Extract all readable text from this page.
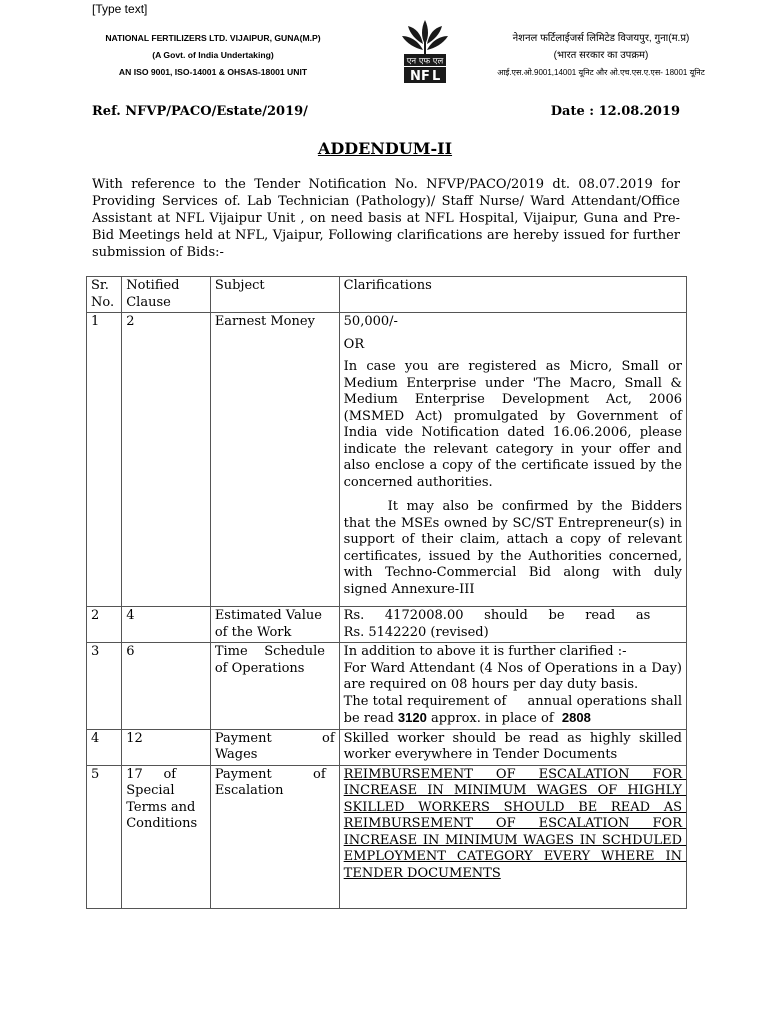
[Type text]
NATIONAL FERTILIZERS LTD. VIJAIPUR, GUNA(M.P)
(A Govt. of India Undertaking)
AN ISO 9001, ISO-14001 & OHSAS-18001 UNIT
एन एफ एल
N F L
नेशनल फर्टिलाईजर्स लिमिटेड विजयपुर, गुना(म.प्र)
(भारत सरकार का उपक्रम)
आई.एस.ओ.9001,14001 यूनिट और ओ.एच.एस.ए.एस- 18001 यूनिट
Ref. NFVP/PACO/Estate/2019/	Date : 12.08.2019
ADDENDUM-II
With reference to the Tender Notification No. NFVP/PACO/2019 dt. 08.07.2019 for Providing Services of. Lab Technician (Pathology)/ Staff Nurse/ Ward Attendant/Office Assistant at NFL Vijaipur Unit , on need basis at NFL Hospital, Vijaipur, Guna and Pre-Bid Meetings held at NFL, Vjaipur, Following clarifications are hereby issued for further submission of Bids:-
Sr. No.	Notified Clause	Subject	Clarifications
1	2	Earnest Money	50,000/-
OR
In case you are registered as Micro, Small or Medium Enterprise under 'The Macro, Small & Medium Enterprise Development Act, 2006 (MSMED Act) promulgated by Government of India vide Notification dated 16.06.2006, please indicate the relevant category in your offer and also enclose a copy of the certificate issued by the concerned authorities.
It may also be confirmed by the Bidders that the MSEs owned by SC/ST Entrepreneur(s) in support of their claim, attach a copy of relevant certificates, issued by the Authorities concerned, with Techno-Commercial Bid along with duly signed Annexure-III

2	4	Estimated Value of the Work	Rs.     4172008.00     should     be     read     as
Rs. 5142220 (revised)

3	6	Time    Schedule of Operations	In addition to above it is further clarified :-
For Ward Attendant (4 Nos of Operations in a Day) are required on 08 hours per day duty basis.
The total requirement of     annual operations shall be read 3120 approx. in place of  2808

4	12	Payment          of Wages	Skilled worker should be read as highly skilled worker everywhere in Tender Documents
5	17     of Special Terms and Conditions	Payment          of Escalation	REIMBURSEMENT     OF     ESCALATION     FOR INCREASE IN MINIMUM WAGES OF HIGHLY SKILLED WORKERS SHOULD BE READ AS REIMBURSEMENT     OF     ESCALATION     FOR INCREASE IN MINIMUM WAGES IN SCHDULED EMPLOYMENT CATEGORY EVERY WHERE IN TENDER DOCUMENTS
